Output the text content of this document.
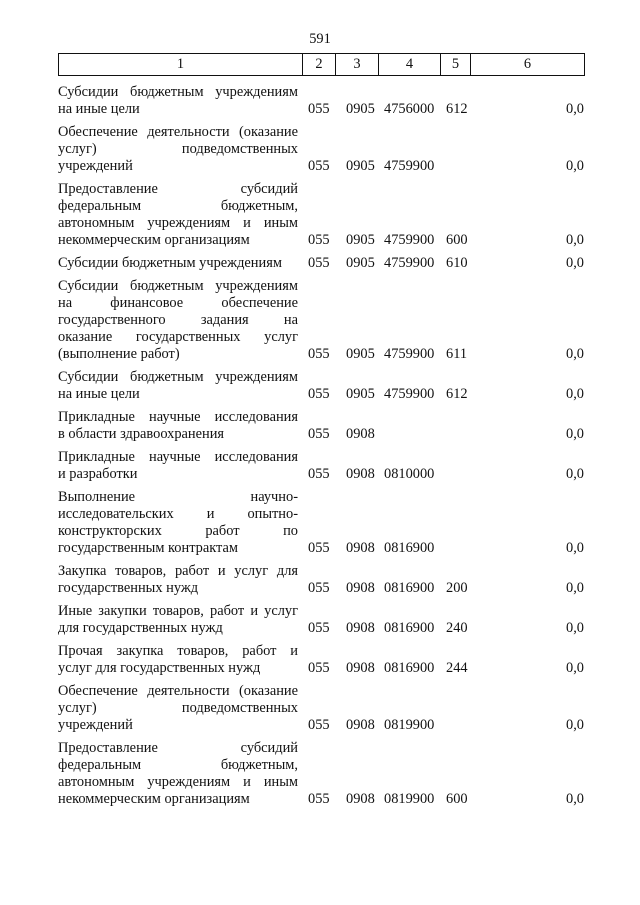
591
1	2	3	4	5	6
Субсидии бюджетным учреждениям
на иные цели	055 0905 4756000 612	0,0
Обеспечение деятельности (оказание
услуг) подведомственных
учреждений	055 0905 4759900	0,0
Предоставление субсидий
федеральным бюджетным,
автономным учреждениям и иным
некоммерческим организациям	055 0905 4759900 600	0,0
Субсидии бюджетным учреждениям	055 0905 4759900 610	0,0
Субсидии бюджетным учреждениям
на финансовое обеспечение
государственного задания на
оказание государственных услуг
(выполнение работ)	055 0905 4759900 611	0,0
Субсидии бюджетным учреждениям
на иные цели	055 0905 4759900 612	0,0
Прикладные научные исследования
в области здравоохранения	055 0908	0,0
Прикладные научные исследования
и разработки	055 0908 0810000	0,0
Выполнение научно-
исследовательских и опытно-
конструкторских работ по
государственным контрактам	055 0908 0816900	0,0
Закупка товаров, работ и услуг для
государственных нужд	055 0908 0816900 200	0,0
Иные закупки товаров, работ и услуг
для государственных нужд	055 0908 0816900 240	0,0
Прочая закупка товаров, работ и
услуг для государственных нужд	055 0908 0816900 244	0,0
Обеспечение деятельности (оказание
услуг) подведомственных
учреждений	055 0908 0819900	0,0
Предоставление субсидий
федеральным бюджетным,
автономным учреждениям и иным
некоммерческим организациям	055 0908 0819900 600	0,0
